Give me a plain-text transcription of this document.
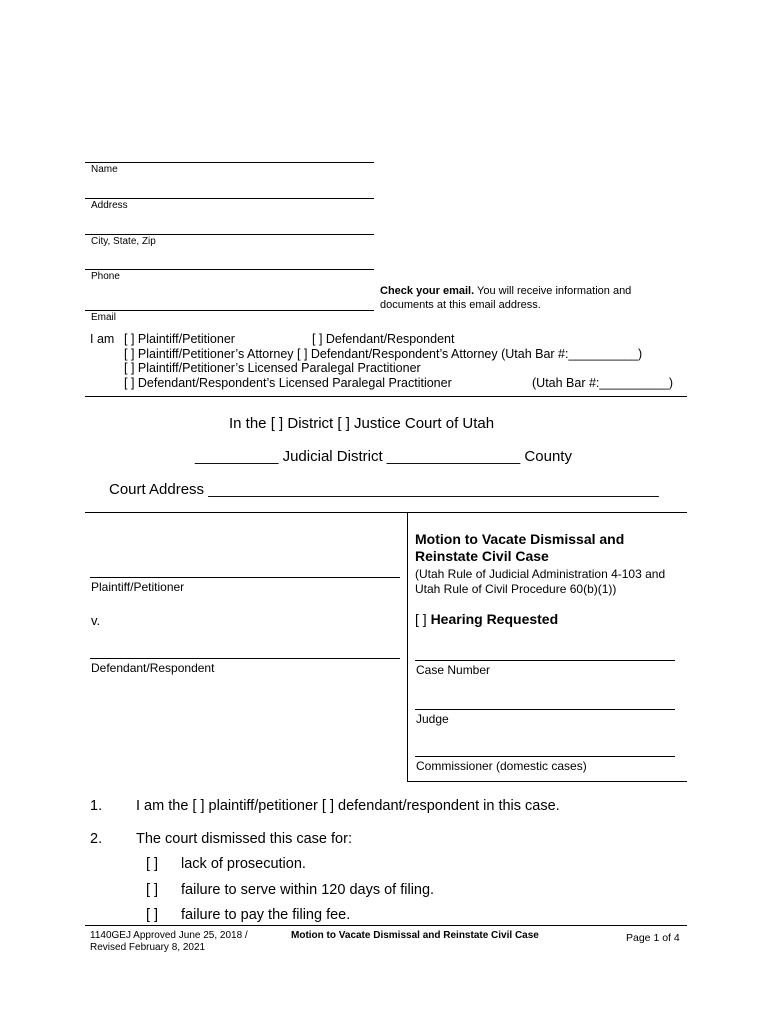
Name
Address
City, State, Zip
Phone
Check your email. You will receive information and
documents at this email address.
Email
I am [ ] Plaintiff/Petitioner	[ ] Defendant/Respondent
[ ] Plaintiff/Petitioner’s Attorney [ ] Defendant/Respondent’s Attorney (Utah Bar #:__________)
[ ] Plaintiff/Petitioner’s Licensed Paralegal Practitioner
[ ] Defendant/Respondent’s Licensed Paralegal Practitioner	(Utah Bar #:__________)
In the [ ] District [ ] Justice Court of Utah
__________ Judicial District ________________ County
Court Address ______________________________________________________
Plaintiff/Petitioner
v.
Defendant/Respondent
Motion to Vacate Dismissal and
Reinstate Civil Case
(Utah Rule of Judicial Administration 4-103 and
Utah Rule of Civil Procedure 60(b)(1))
[ ] Hearing Requested
Case Number
Judge
Commissioner (domestic cases)
1. I am the [ ] plaintiff/petitioner [ ] defendant/respondent in this case.
2. The court dismissed this case for:
[ ] lack of prosecution.
[ ] failure to serve within 120 days of filing.
[ ] failure to pay the filing fee.
1140GEJ Approved June 25, 2018 /
Revised February 8, 2021
Motion to Vacate Dismissal and Reinstate Civil Case	Page 1 of 4
